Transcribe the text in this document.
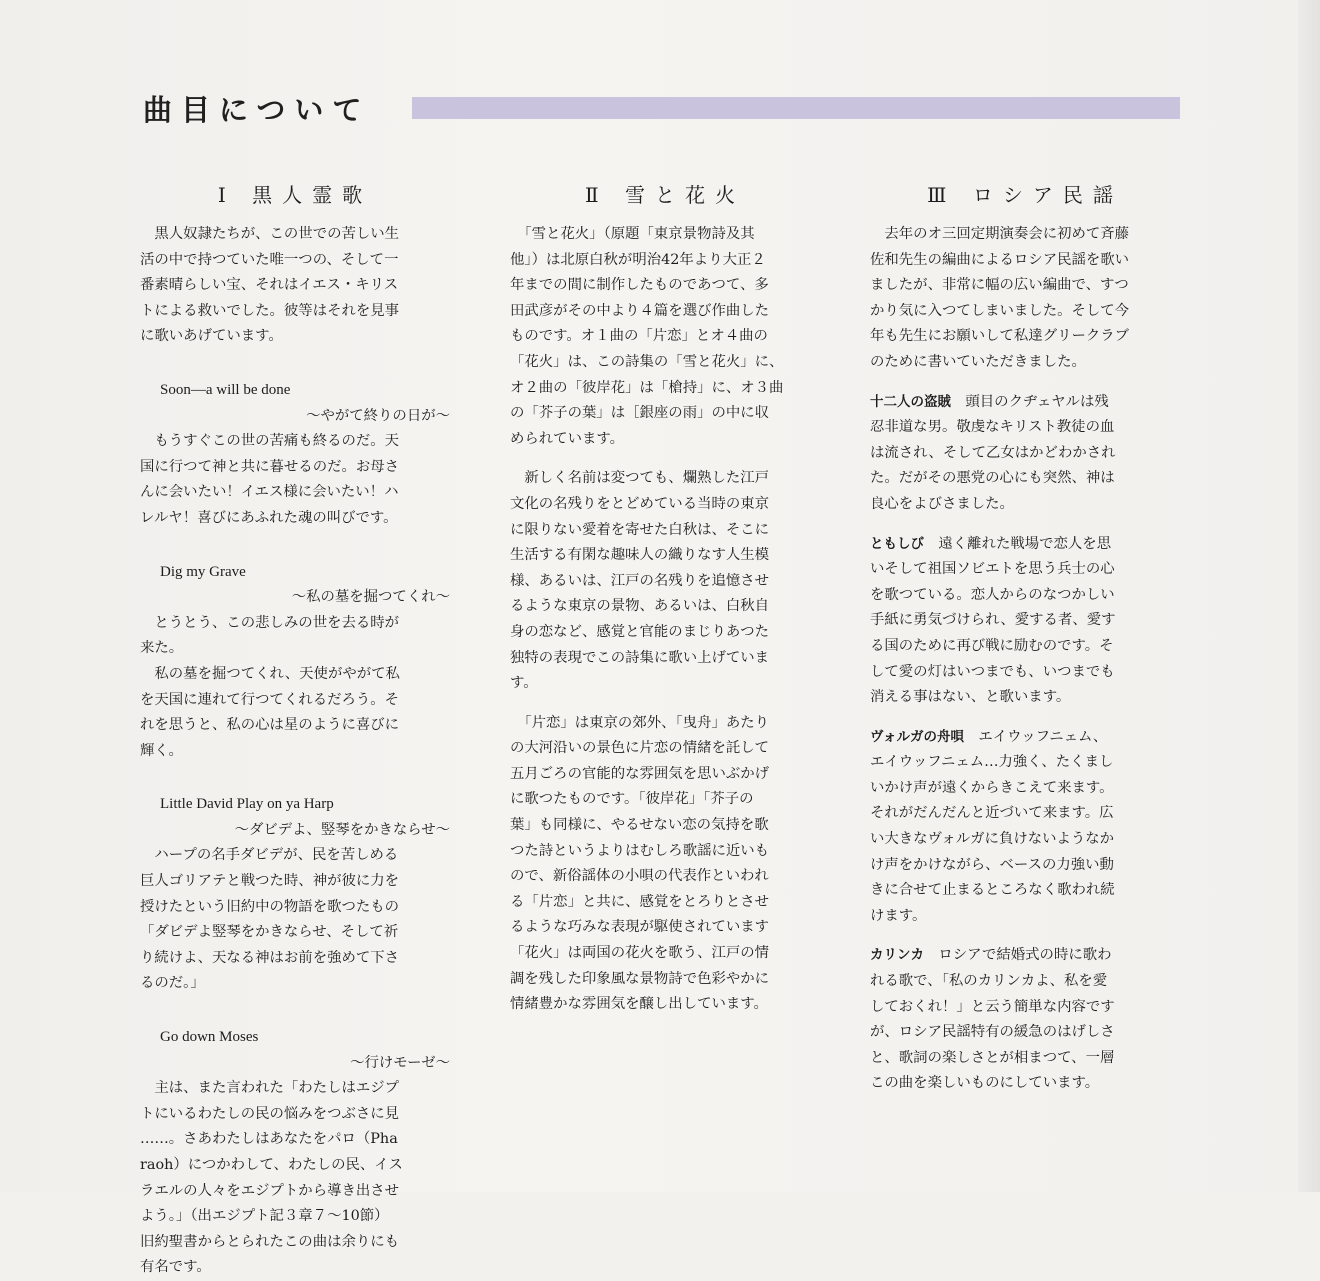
曲目について

Ⅰ 黒人霊歌

　黒人奴隷たちが、この世での苦しい生

活の中で持つていた唯一つの、そして一

番素晴らしい宝、それはイエス・キリス

トによる救いでした。彼等はそれを見事

に歌いあげています。

Soon—a will be done

～やがて終りの日が～

　もうすぐこの世の苦痛も終るのだ。天

国に行つて神と共に暮せるのだ。お母さ

んに会いたい！イエス様に会いたい！ハ

レルヤ！喜びにあふれた魂の叫びです。

Dig my Grave

～私の墓を掘つてくれ～

　とうとう、この悲しみの世を去る時が

来た。

　私の墓を掘つてくれ、天使がやがて私

を天国に連れて行つてくれるだろう。そ

れを思うと、私の心は星のように喜びに

輝く。

Little David Play on ya Harp

～ダビデよ、竪琴をかきならせ～

　ハープの名手ダビデが、民を苦しめる

巨人ゴリアテと戦つた時、神が彼に力を

授けたという旧約中の物語を歌つたもの

「ダビデよ竪琴をかきならせ、そして祈

り続けよ、天なる神はお前を強めて下さ

るのだ。」

Go down Moses

～行けモーゼ～

　主は、また言われた「わたしはエジプ

トにいるわたしの民の悩みをつぶさに見

……。さあわたしはあなたをパロ（Pha

raoh）につかわして、わたしの民、イス

ラエルの人々をエジプトから導き出させ

よう。」（出エジプト記３章７～10節）

旧約聖書からとられたこの曲は余りにも

有名です。

Ⅱ 雪と花火

　「雪と花火」（原題「東京景物詩及其

他」）は北原白秋が明治42年より大正２

年までの間に制作したものであつて、多

田武彦がその中より４篇を選び作曲した

ものです。オ１曲の「片恋」とオ４曲の

「花火」は、この詩集の「雪と花火」に、

オ２曲の「彼岸花」は「槍持」に、オ３曲

の「芥子の葉」は［銀座の雨」の中に収

められています。

　新しく名前は変つても、爛熟した江戸

文化の名残りをとどめている当時の東京

に限りない愛着を寄せた白秋は、そこに

生活する有閑な趣味人の織りなす人生模

様、あるいは、江戸の名残りを追憶させ

るような東京の景物、あるいは、白秋自

身の恋など、感覚と官能のまじりあつた

独特の表現でこの詩集に歌い上げていま

す。

　「片恋」は東京の郊外、「曳舟」あたり

の大河沿いの景色に片恋の情緒を託して

五月ごろの官能的な雰囲気を思いぶかげ

に歌つたものです。「彼岸花」「芥子の

葉」も同様に、やるせない恋の気持を歌

つた詩というよりはむしろ歌謡に近いも

ので、新俗謡体の小唄の代表作といわれ

る「片恋」と共に、感覚をとろりとさせ

るような巧みな表現が駆使されています

「花火」は両国の花火を歌う、江戸の情

調を残した印象風な景物詩で色彩やかに

情緒豊かな雰囲気を醸し出しています。

Ⅲ ロシア民謡

　去年のオ三回定期演奏会に初めて斉藤

佐和先生の編曲によるロシア民謡を歌い

ましたが、非常に幅の広い編曲で、すつ

かり気に入つてしまいました。そして今

年も先生にお願いして私達グリークラブ

のために書いていただきました。

十二人の盗賊　頭目のクヂェヤルは残

忍非道な男。敬虔なキリスト教徒の血

は流され、そして乙女はかどわかされ

た。だがその悪党の心にも突然、神は

良心をよびさました。

ともしび　遠く離れた戦場で恋人を思

いそして祖国ソビエトを思う兵士の心

を歌つている。恋人からのなつかしい

手紙に勇気づけられ、愛する者、愛す

る国のために再び戦に励むのです。そ

して愛の灯はいつまでも、いつまでも

消える事はない、と歌います。

ヴォルガの舟唄　エイウッフニェム、

エイウッフニェム…力強く、たくまし

いかけ声が遠くからきこえて来ます。

それがだんだんと近づいて来ます。広

い大きなヴォルガに負けないようなか

け声をかけながら、ベースの力強い動

きに合せて止まるところなく歌われ続

けます。

カリンカ　ロシアで結婚式の時に歌わ

れる歌で、「私のカリンカよ、私を愛

しておくれ！」と云う簡単な内容です

が、ロシア民謡特有の緩急のはげしさ

と、歌詞の楽しさとが相まつて、一層

この曲を楽しいものにしています。
